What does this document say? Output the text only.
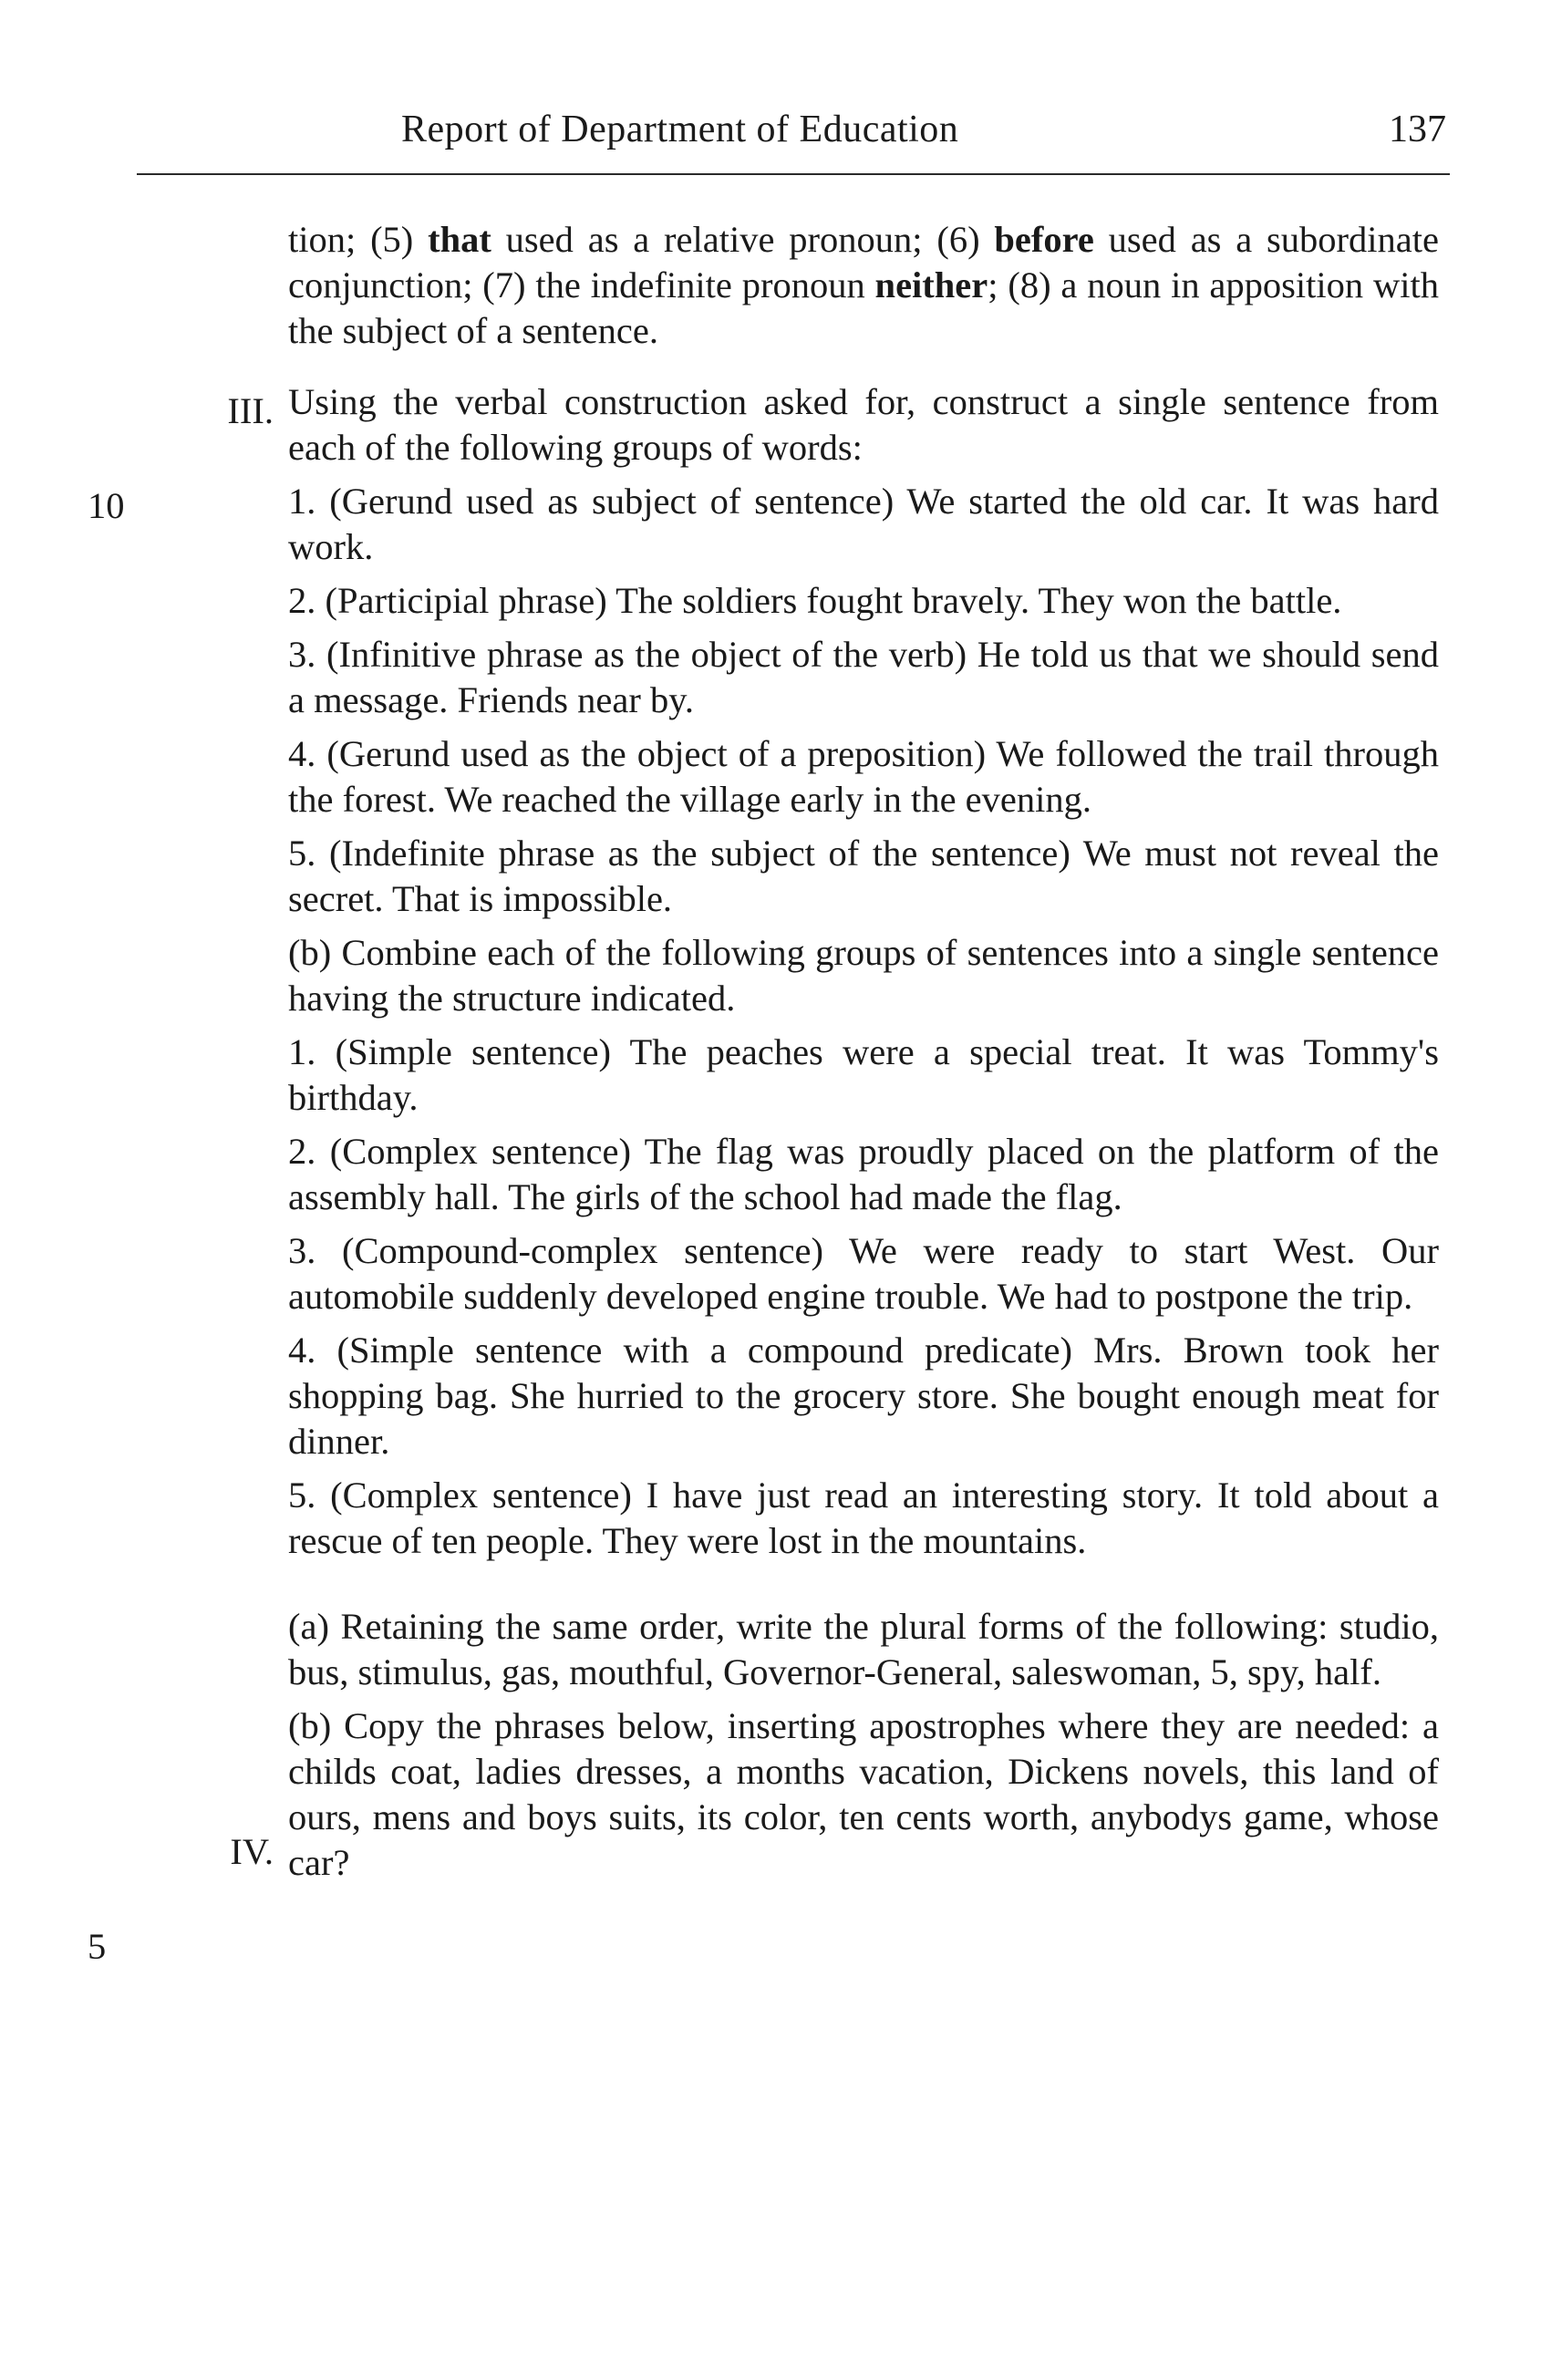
Report of Department of Education	137
III.
10
IV.
5

tion; (5) that used as a relative pronoun; (6) before used as a subordinate conjunction; (7) the indefinite pronoun neither; (8) a noun in apposition with the subject of a sentence.

Using the verbal construction asked for, construct a single sentence from each of the following groups of words:

1. (Gerund used as subject of sentence) We started the old car. It was hard work.

2. (Participial phrase) The soldiers fought bravely. They won the battle.

3. (Infinitive phrase as the object of the verb) He told us that we should send a message. Friends near by.

4. (Gerund used as the object of a preposition) We followed the trail through the forest. We reached the village early in the evening.

5. (Indefinite phrase as the subject of the sentence) We must not reveal the secret. That is impossible.

(b) Combine each of the following groups of sentences into a single sentence having the structure indicated.

1. (Simple sentence) The peaches were a special treat. It was Tommy's birthday.

2. (Complex sentence) The flag was proudly placed on the platform of the assembly hall. The girls of the school had made the flag.

3. (Compound-complex sentence) We were ready to start West. Our automobile suddenly developed engine trouble. We had to postpone the trip.

4. (Simple sentence with a compound predicate) Mrs. Brown took her shopping bag. She hurried to the grocery store. She bought enough meat for dinner.

5. (Complex sentence) I have just read an interesting story. It told about a rescue of ten people. They were lost in the mountains.

(a) Retaining the same order, write the plural forms of the following: studio, bus, stimulus, gas, mouthful, Governor-General, saleswoman, 5, spy, half.

(b) Copy the phrases below, inserting apostrophes where they are needed: a childs coat, ladies dresses, a months vacation, Dickens novels, this land of ours, mens and boys suits, its color, ten cents worth, anybodys game, whose car?
